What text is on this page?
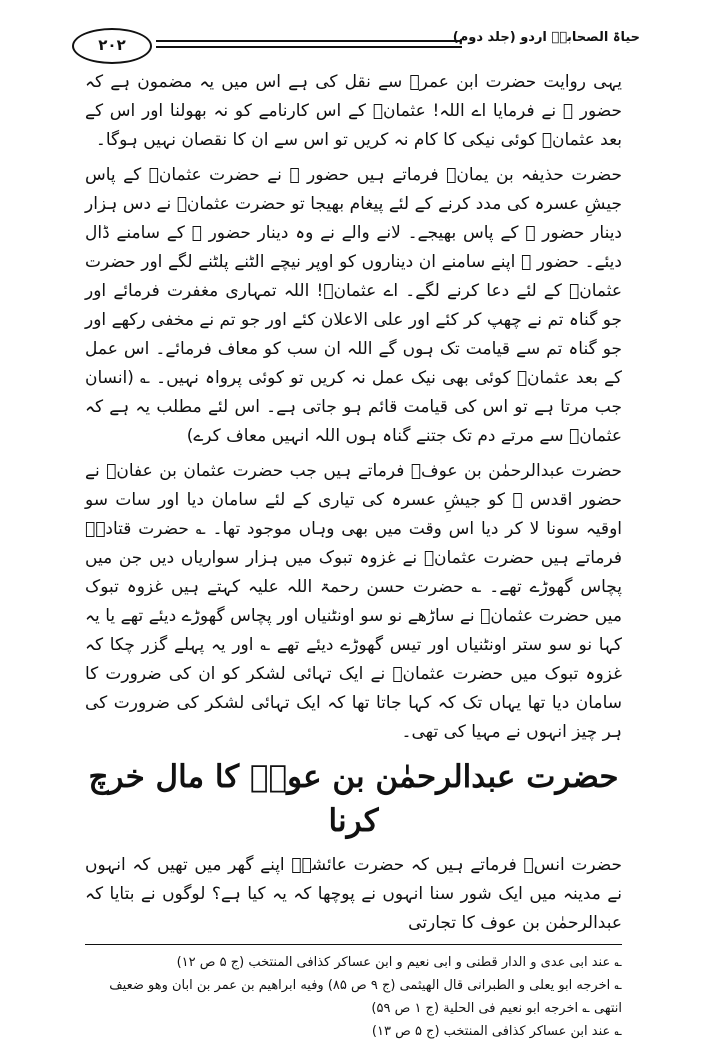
۲۰۲	حیاۃ الصحابہؓ اردو (جلد دوم)

یہی روایت حضرت ابن عمرؓ سے نقل کی ہے اس میں یہ مضمون ہے کہ حضور ﷺ نے فرمایا اے اللہ! عثمانؓ کے اس کارنامے کو نہ بھولنا اور اس کے بعد عثمانؓ کوئی نیکی کا کام نہ کریں تو اس سے ان کا نقصان نہیں ہوگا۔

حضرت حذیفہ بن یمانؓ فرماتے ہیں حضور ﷺ نے حضرت عثمانؓ کے پاس جیشِ عسرہ کی مدد کرنے کے لئے پیغام بھیجا تو حضرت عثمانؓ نے دس ہزار دینار حضور ﷺ کے پاس بھیجے۔ لانے والے نے وہ دینار حضور ﷺ کے سامنے ڈال دیئے۔ حضور ﷺ اپنے سامنے ان دیناروں کو اوپر نیچے الٹنے پلٹنے لگے اور حضرت عثمانؓ کے لئے دعا کرنے لگے۔ اے عثمانؓ! اللہ تمہاری مغفرت فرمائے اور جو گناہ تم نے چھپ کر کئے اور علی الاعلان کئے اور جو تم نے مخفی رکھے اور جو گناہ تم سے قیامت تک ہوں گے اللہ ان سب کو معاف فرمائے۔ اس عمل کے بعد عثمانؓ کوئی بھی نیک عمل نہ کریں تو کوئی پرواہ نہیں۔ ؎ (انسان جب مرتا ہے تو اس کی قیامت قائم ہو جاتی ہے۔ اس لئے مطلب یہ ہے کہ عثمانؓ سے مرتے دم تک جتنے گناہ ہوں اللہ انہیں معاف کرے)

حضرت عبدالرحمٰن بن عوفؓ فرماتے ہیں جب حضرت عثمان بن عفانؓ نے حضور اقدس ﷺ کو جیشِ عسرہ کی تیاری کے لئے سامان دیا اور سات سو اوقیہ سونا لا کر دیا اس وقت میں بھی وہاں موجود تھا۔ ؎ حضرت قتادہؓ فرماتے ہیں حضرت عثمانؓ نے غزوہ تبوک میں ہزار سواریاں دیں جن میں پچاس گھوڑے تھے۔ ؎ حضرت حسن رحمۃ اللہ علیہ کہتے ہیں غزوہ تبوک میں حضرت عثمانؓ نے ساڑھے نو سو اونٹنیاں اور پچاس گھوڑے دیئے تھے یا یہ کہا نو سو ستر اونٹنیاں اور تیس گھوڑے دیئے تھے ؎ اور یہ پہلے گزر چکا کہ غزوہ تبوک میں حضرت عثمانؓ نے ایک تہائی لشکر کو ان کی ضرورت کا سامان دیا تھا یہاں تک کہ کہا جاتا تھا کہ ایک تہائی لشکر کی ضرورت کی ہر چیز انہوں نے مہیا کی تھی۔

حضرت عبدالرحمٰن بن عوفؓ کا مال خرچ کرنا

حضرت انسؓ فرماتے ہیں کہ حضرت عائشہؓ اپنے گھر میں تھیں کہ انہوں نے مدینہ میں ایک شور سنا انہوں نے پوچھا کہ یہ کیا ہے؟ لوگوں نے بتایا کہ عبدالرحمٰن بن عوف کا تجارتی

؎ عند ابی عدی و الدار قطنی و ابی نعیم و ابن عساکر کذافی المنتخب (ج ۵ ص ۱۲)

؎ اخرجه ابو یعلی و الطبرانی قال الهیثمی (ج ۹ ص ۸۵) وفیه ابراهیم بن عمر بن ابان وهو ضعیف انتهی ؎ اخرجه ابو نعیم فی الحلیة (ج ۱ ص ۵۹)

؎ عند ابن عساکر کذافی المنتخب (ج ۵ ص ۱۳)
